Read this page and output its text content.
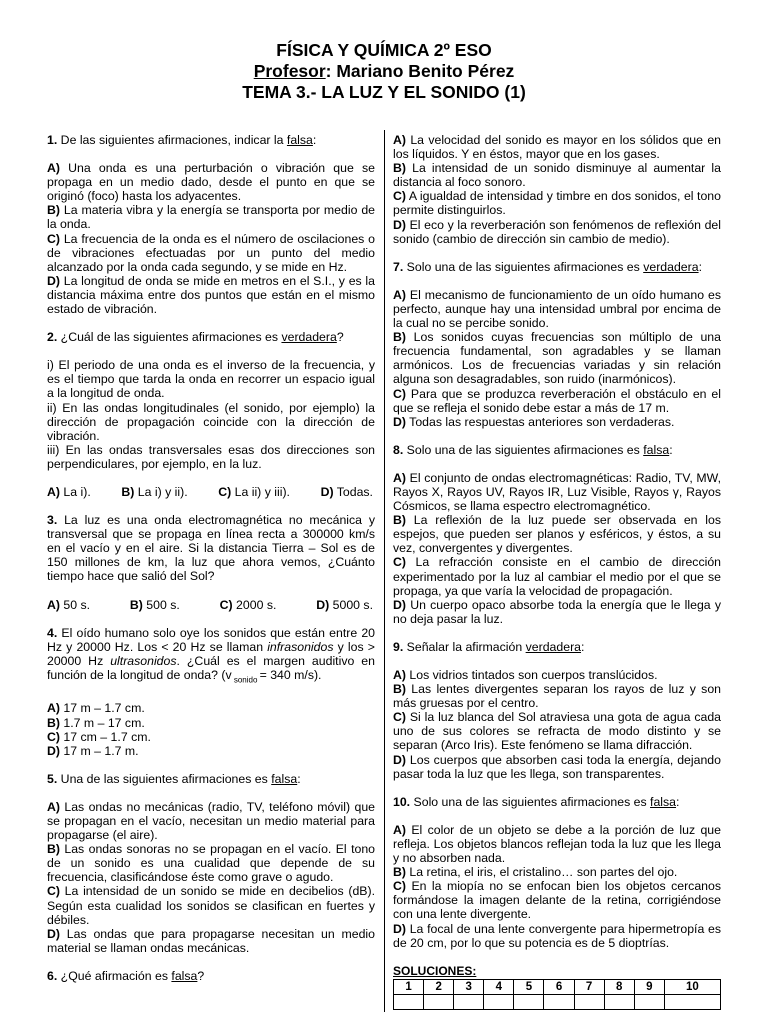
FÍSICA Y QUÍMICA 2º ESO
Profesor: Mariano Benito Pérez
TEMA 3.- LA LUZ Y EL SONIDO (1)

1. De las siguientes afirmaciones, indicar la falsa:

A) Una onda es una perturbación o vibración que se propaga en un medio dado, desde el punto en que se originó (foco) hasta los adyacentes.

B) La materia vibra y la energía se transporta por medio de la onda.

C) La frecuencia de la onda es el número de oscilaciones o de vibraciones efectuadas por un punto del medio alcanzado por la onda cada segundo, y se mide en Hz.

D) La longitud de onda se mide en metros en el S.I., y es la distancia máxima entre dos puntos que están en el mismo estado de vibración.

2. ¿Cuál de las siguientes afirmaciones es verdadera?

i) El periodo de una onda es el inverso de la frecuencia, y es el tiempo que tarda la onda en recorrer un espacio igual a la longitud de onda.

ii) En las ondas longitudinales (el sonido, por ejemplo) la dirección de propagación coincide con la dirección de vibración.

iii) En las ondas transversales esas dos direcciones son perpendiculares, por ejemplo, en la luz.

A) La i). B) La i) y ii). C) La ii) y iii). D) Todas.

3. La luz es una onda electromagnética no mecánica y transversal que se propaga en línea recta a 300000 km/s en el vacío y en el aire. Si la distancia Tierra – Sol es de 150 millones de km, la luz que ahora vemos, ¿Cuánto tiempo hace que salió del Sol?

A) 50 s.	B) 500 s.	C) 2000 s.	D) 5000 s.

4. El oído humano solo oye los sonidos que están entre 20 Hz y 20000 Hz. Los < 20 Hz se llaman infrasonidos y los > 20000 Hz ultrasonidos. ¿Cuál es el margen auditivo en función de la longitud de onda? (v $_{sonido}$ = 340 m/s).

A) 17 m – 1.7 cm.

B) 1.7 m – 17 cm.

C) 17 cm – 1.7 cm.

D) 17 m – 1.7 m.

5. Una de las siguientes afirmaciones es falsa:

A) Las ondas no mecánicas (radio, TV, teléfono móvil) que se propagan en el vacío, necesitan un medio material para propagarse (el aire).

B) Las ondas sonoras no se propagan en el vacío. El tono de un sonido es una cualidad que depende de su frecuencia, clasificándose éste como grave o agudo.

C) La intensidad de un sonido se mide en decibelios (dB). Según esta cualidad los sonidos se clasifican en fuertes y débiles.

D) Las ondas que para propagarse necesitan un medio material se llaman ondas mecánicas.

6. ¿Qué afirmación es falsa?

A) La velocidad del sonido es mayor en los sólidos que en los líquidos. Y en éstos, mayor que en los gases.

B) La intensidad de un sonido disminuye al aumentar la distancia al foco sonoro.

C) A igualdad de intensidad y timbre en dos sonidos, el tono permite distinguirlos.

D) El eco y la reverberación son fenómenos de reflexión del sonido (cambio de dirección sin cambio de medio).

7. Solo una de las siguientes afirmaciones es verdadera:

A) El mecanismo de funcionamiento de un oído humano es perfecto, aunque hay una intensidad umbral por encima de la cual no se percibe sonido.

B) Los sonidos cuyas frecuencias son múltiplo de una frecuencia fundamental, son agradables y se llaman armónicos. Los de frecuencias variadas y sin relación alguna son desagradables, son ruido (inarmónicos).

C) Para que se produzca reverberación el obstáculo en el que se refleja el sonido debe estar a más de 17 m.

D) Todas las respuestas anteriores son verdaderas.

8. Solo una de las siguientes afirmaciones es falsa:

A) El conjunto de ondas electromagnéticas: Radio, TV, MW, Rayos X, Rayos UV, Rayos IR, Luz Visible, Rayos γ, Rayos Cósmicos, se llama espectro electromagnético.

B) La reflexión de la luz puede ser observada en los espejos, que pueden ser planos y esféricos, y éstos, a su vez, convergentes y divergentes.

C) La refracción consiste en el cambio de dirección experimentado por la luz al cambiar el medio por el que se propaga, ya que varía la velocidad de propagación.

D) Un cuerpo opaco absorbe toda la energía que le llega y no deja pasar la luz.

9. Señalar la afirmación verdadera:

A) Los vidrios tintados son cuerpos translúcidos.

B) Las lentes divergentes separan los rayos de luz y son más gruesas por el centro.

C) Si la luz blanca del Sol atraviesa una gota de agua cada uno de sus colores se refracta de modo distinto y se separan (Arco Iris). Este fenómeno se llama difracción.

D) Los cuerpos que absorben casi toda la energía, dejando pasar toda la luz que les llega, son transparentes.

10. Solo una de las siguientes afirmaciones es falsa:

A) El color de un objeto se debe a la porción de luz que refleja. Los objetos blancos reflejan toda la luz que les llega y no absorben nada.

B) La retina, el iris, el cristalino… son partes del ojo.

C) En la miopía no se enfocan bien los objetos cercanos formándose la imagen delante de la retina, corrigiéndose con una lente divergente.

D) La focal de una lente convergente para hipermetropía es de 20 cm, por lo que su potencia es de 5 dioptrías.

SOLUCIONES:
1	2	3	4	5	6	7	8	9	10
